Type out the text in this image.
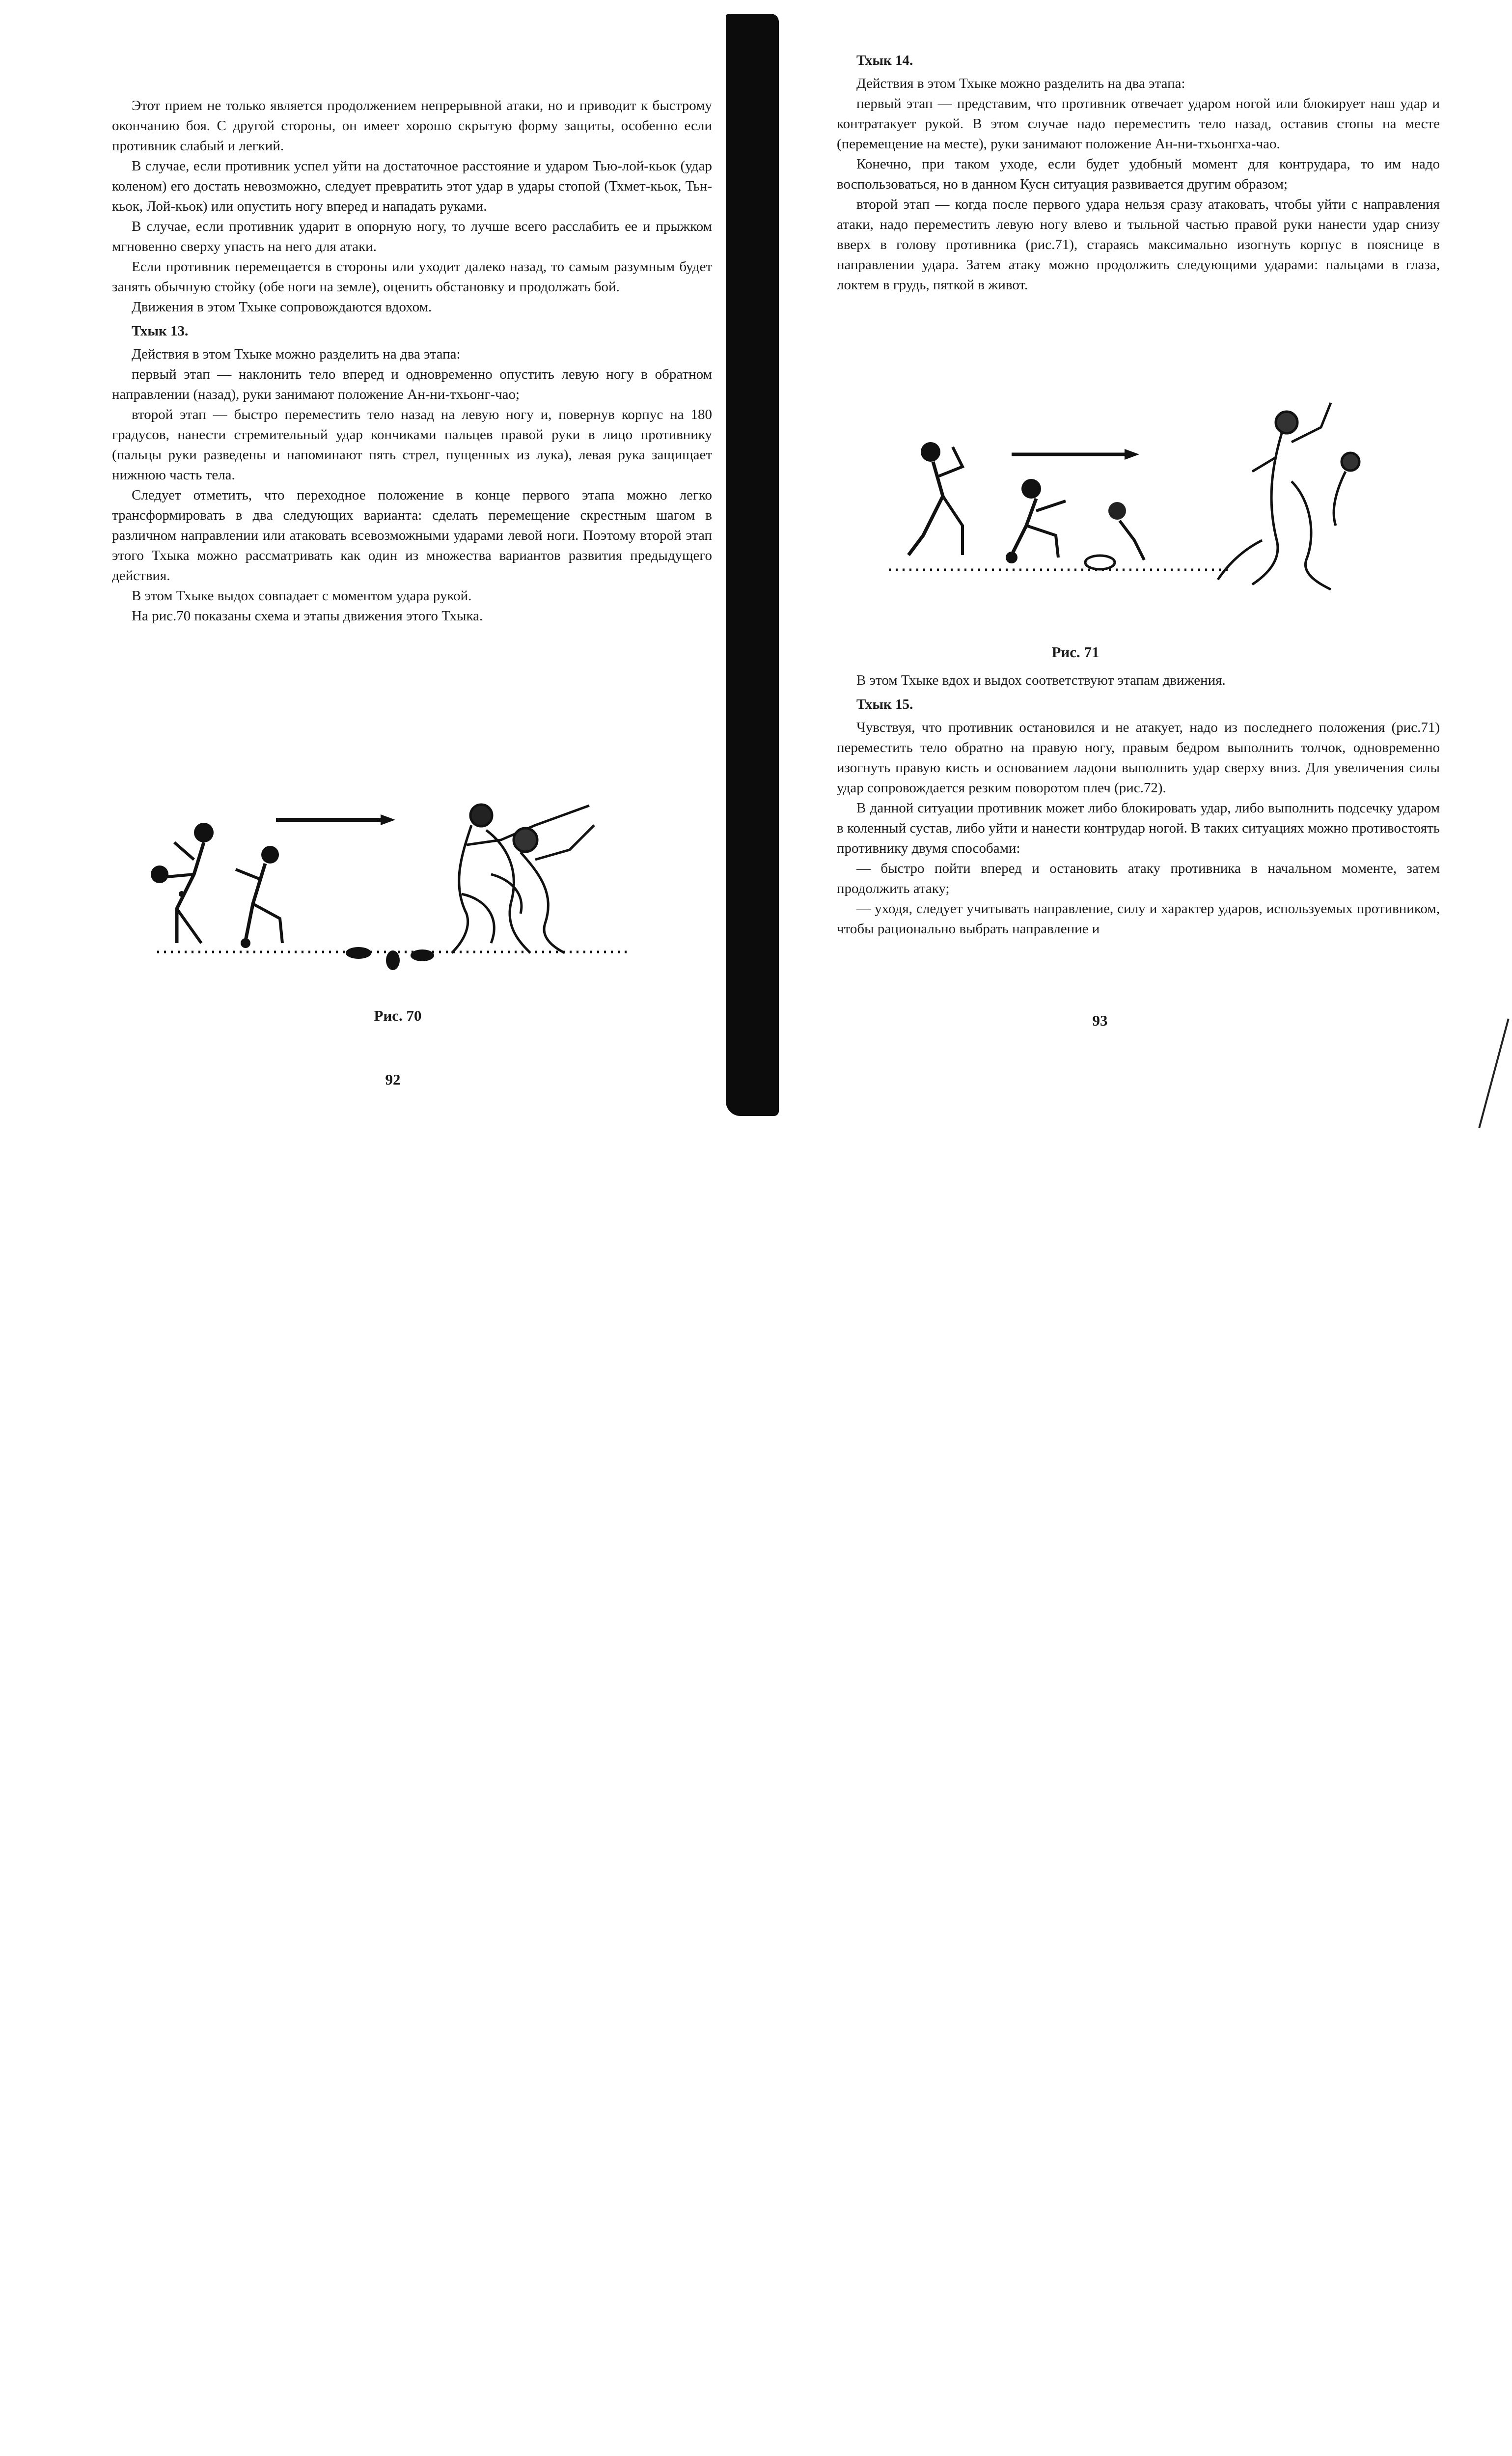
Этот прием не только является продолжением непрерывной атаки, но и приводит к быстрому окончанию боя. С другой стороны, он имеет хорошо скрытую форму защиты, особенно если противник слабый и легкий.

В случае, если противник успел уйти на достаточное расстояние и ударом Тью-лой-кьок (удар коленом) его достать невозможно, следует превратить этот удар в удары стопой (Тхмет-кьок, Тьн-кьок, Лой-кьок) или опустить ногу вперед и нападать руками.

В случае, если противник ударит в опорную ногу, то лучше всего расслабить ее и прыжком мгновенно сверху упасть на него для атаки.

Если противник перемещается в стороны или уходит далеко назад, то самым разумным будет занять обычную стойку (обе ноги на земле), оценить обстановку и продолжать бой.

Движения в этом Тхыке сопровождаются вдохом.

Тхык 13.

Действия в этом Тхыке можно разделить на два этапа:

первый этап — наклонить тело вперед и одновременно опустить левую ногу в обратном направлении (назад), руки занимают положение Ан-ни-тхьонг-чао;

второй этап — быстро переместить тело назад на левую ногу и, повернув корпус на 180 градусов, нанести стремительный удар кончиками пальцев правой руки в лицо противнику (пальцы руки разведены и напоминают пять стрел, пущенных из лука), левая рука защищает нижнюю часть тела.

Следует отметить, что переходное положение в конце первого этапа можно легко трансформировать в два следующих варианта: сделать перемещение скрестным шагом в различном направлении или атаковать всевозможными ударами левой ноги. Поэтому второй этап этого Тхыка можно рассматривать как один из множества вариантов развития предыдущего действия.

В этом Тхыке выдох совпадает с моментом удара рукой.

На рис.70 показаны схема и этапы движения этого Тхыка.

Рис. 70
92

Тхык 14.

Действия в этом Тхыке можно разделить на два этапа:

первый этап — представим, что противник отвечает ударом ногой или блокирует наш удар и контратакует рукой. В этом случае надо переместить тело назад, оставив стопы на месте (перемещение на месте), руки занимают положение Ан-ни-тхьонгха-чао.

Конечно, при таком уходе, если будет удобный момент для контрудара, то им надо воспользоваться, но в данном Кусн ситуация развивается другим образом;

второй этап — когда после первого удара нельзя сразу атаковать, чтобы уйти с направления атаки, надо переместить левую ногу влево и тыльной частью правой руки нанести удар снизу вверх в голову противника (рис.71), стараясь максимально изогнуть корпус в пояснице в направлении удара. Затем атаку можно продолжить следующими ударами: пальцами в глаза, локтем в грудь, пяткой в живот.

Рис. 71

В этом Тхыке вдох и выдох соответствуют этапам движения.

Тхык 15.

Чувствуя, что противник остановился и не атакует, надо из последнего положения (рис.71) переместить тело обратно на правую ногу, правым бедром выполнить толчок, одновременно изогнуть правую кисть и основанием ладони выполнить удар сверху вниз. Для увеличения силы удар сопровождается резким поворотом плеч (рис.72).

В данной ситуации противник может либо блокировать удар, либо выполнить подсечку ударом в коленный сустав, либо уйти и нанести контрудар ногой. В таких ситуациях можно противостоять противнику двумя способами:

— быстро пойти вперед и остановить атаку противника в начальном моменте, затем продолжить атаку;

— уходя, следует учитывать направление, силу и характер ударов, используемых противником, чтобы рационально выбрать направление и

93
